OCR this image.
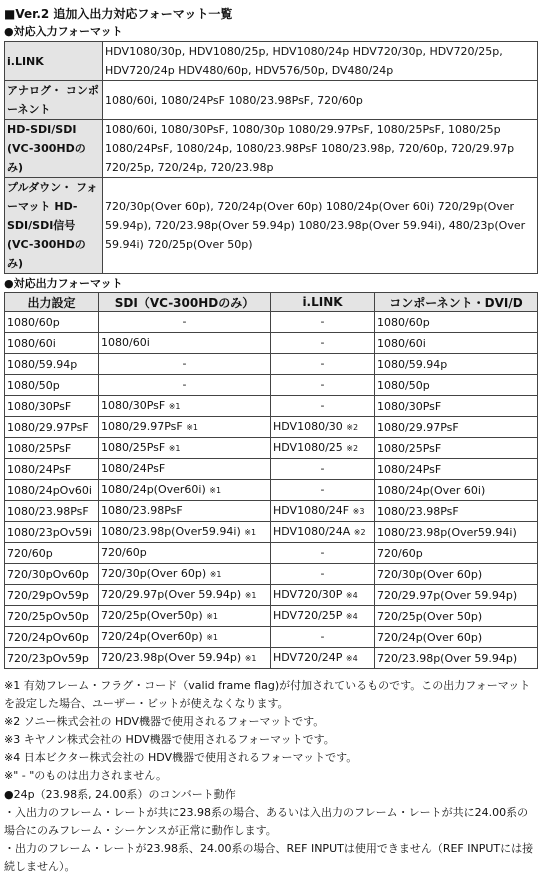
■Ver.2 追加入出力対応フォーマット一覧
●対応入力フォーマット
i.LINK	HDV1080/30p, HDV1080/25p, HDV1080/24p HDV720/30p, HDV720/25p, HDV720/24p HDV480/60p, HDV576/50p, DV480/24p
アナログ・ コンポーネント	1080/60i, 1080/24PsF 1080/23.98PsF, 720/60p
HD-SDI/SDI (VC-300HDのみ)	1080/60i, 1080/30PsF, 1080/30p 1080/29.97PsF, 1080/25PsF, 1080/25p 1080/24PsF, 1080/24p, 1080/23.98PsF 1080/23.98p, 720/60p, 720/29.97p 720/25p, 720/24p, 720/23.98p
プルダウン・ フォーマット HD-SDI/SDI信号 (VC-300HDのみ)	720/30p(Over 60p), 720/24p(Over 60p) 1080/24p(Over 60i) 720/29p(Over 59.94p), 720/23.98p(Over 59.94p) 1080/23.98p(Over 59.94i), 480/23p(Over 59.94i) 720/25p(Over 50p)
●対応出力フォーマット
出力設定	SDI（VC-300HDのみ）	i.LINK	コンポーネント・DVI/D
1080/60p	-	-	1080/60p
1080/60i	1080/60i	-	1080/60i
1080/59.94p	-	-	1080/59.94p
1080/50p	-	-	1080/50p
1080/30PsF	1080/30PsF ※1	-	1080/30PsF
1080/29.97PsF	1080/29.97PsF ※1	HDV1080/30 ※2	1080/29.97PsF
1080/25PsF	1080/25PsF ※1	HDV1080/25 ※2	1080/25PsF
1080/24PsF	1080/24PsF	-	1080/24PsF
1080/24pOv60i	1080/24p(Over60i) ※1	-	1080/24p(Over 60i)
1080/23.98PsF	1080/23.98PsF	HDV1080/24F ※3	1080/23.98PsF
1080/23pOv59i	1080/23.98p(Over59.94i) ※1	HDV1080/24A ※2	1080/23.98p(Over59.94i)
720/60p	720/60p	-	720/60p
720/30pOv60p	720/30p(Over 60p) ※1	-	720/30p(Over 60p)
720/29pOv59p	720/29.97p(Over 59.94p) ※1	HDV720/30P ※4	720/29.97p(Over 59.94p)
720/25pOv50p	720/25p(Over50p) ※1	HDV720/25P ※4	720/25p(Over 50p)
720/24pOv60p	720/24p(Over60p) ※1	-	720/24p(Over 60p)
720/23pOv59p	720/23.98p(Over 59.94p) ※1	HDV720/24P ※4	720/23.98p(Over 59.94p)

※1 有効フレーム・フラグ・コード（valid frame flag)が付加されているものです。この出力フォーマットを設定した場合、ユーザー・ビットが使えなくなります。

※2 ソニー株式会社の HDV機器で使用されるフォーマットです。

※3 キヤノン株式会社の HDV機器で使用されるフォーマットです。

※4 日本ビクター株式会社の HDV機器で使用されるフォーマットです。

※" - "のものは出力されません。

●24p（23.98系, 24.00系）のコンバート動作

・入出力のフレーム・レートが共に23.98系の場合、あるいは入出力のフレーム・レートが共に24.00系の場合にのみフレーム・シーケンスが正常に動作します。

・出力のフレーム・レートが23.98系、24.00系の場合、REF INPUTは使用できません（REF INPUTには接続しません）。
